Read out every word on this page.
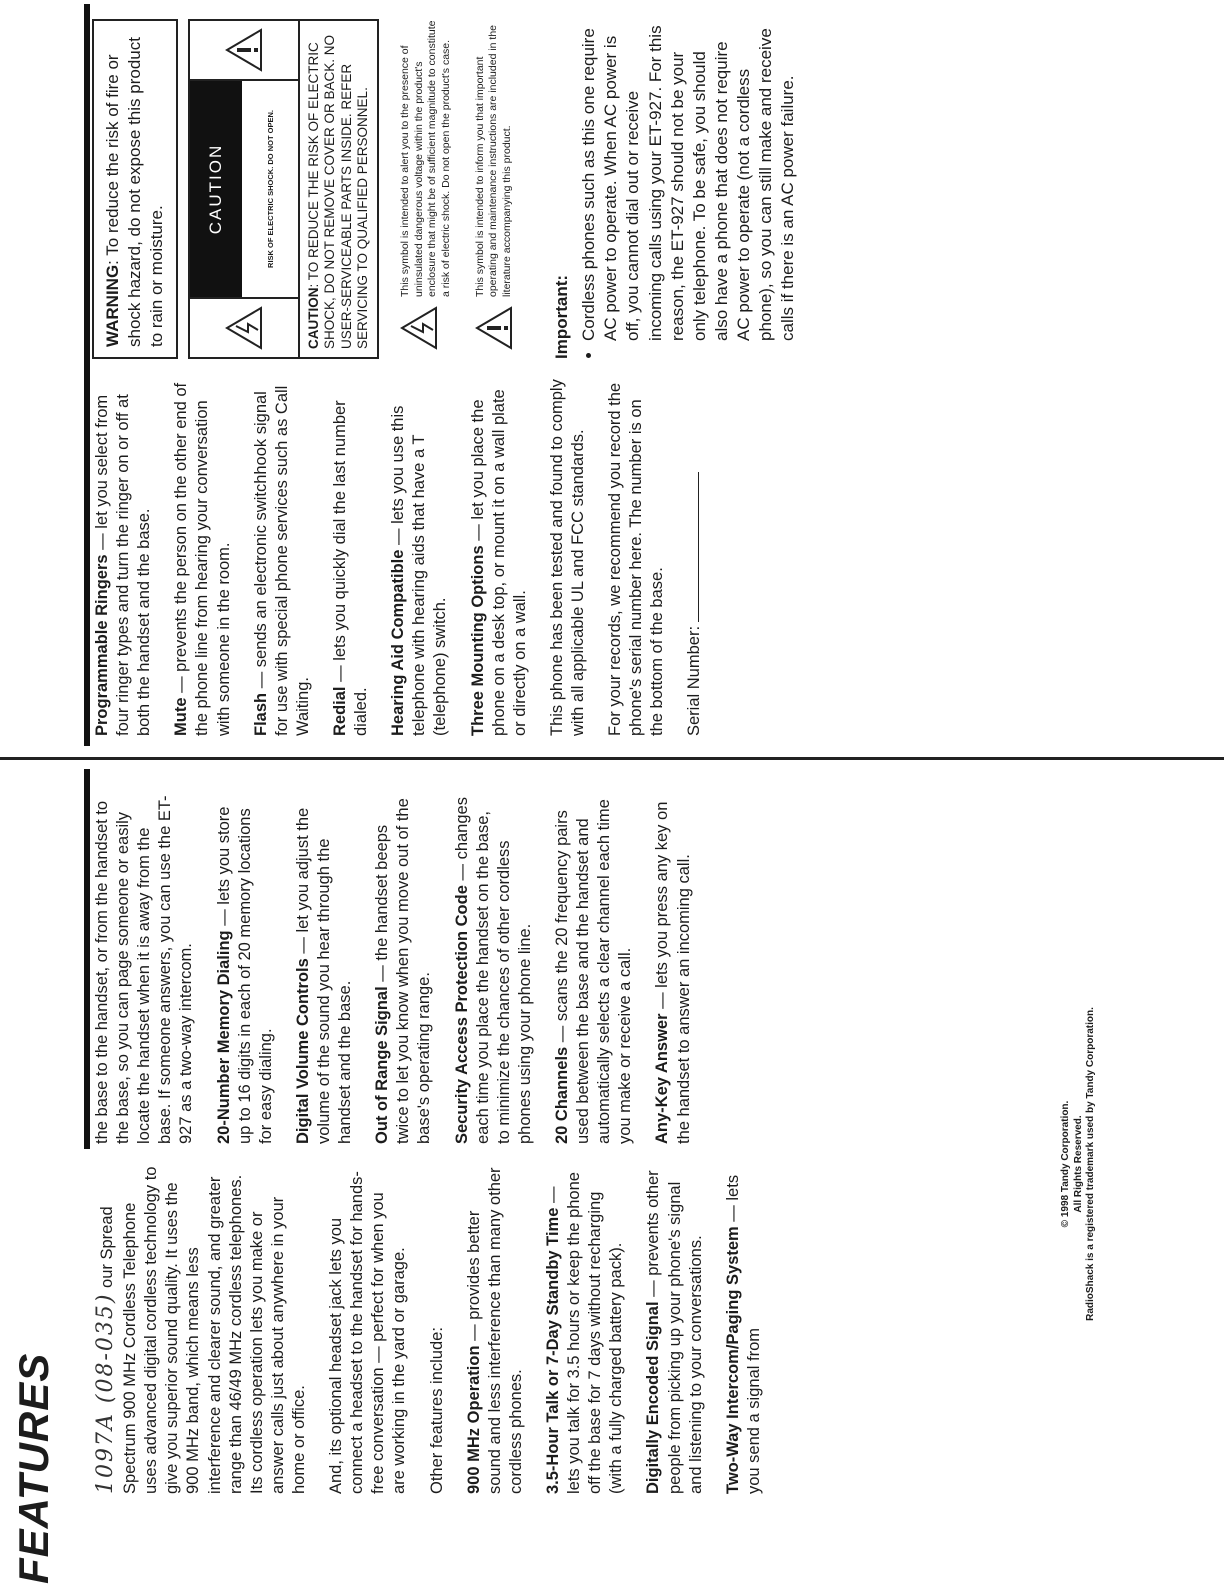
FEATURES 1097A (08-035) our Spread Spectrum 900 MHz Cordless Telephone uses advanced digital cordless technology to give you superior sound quality. It uses the 900 MHz band, which means less interference and clearer sound, and greater range than 46/49 MHz cordless telephones. Its cordless operation lets you make or answer calls just about anywhere in your home or office. And, its optional headset jack lets you connect a headset to the handset for hands-free conversation — perfect for when you are working in the yard or garage. Other features include: 900 MHz Operation — provides better sound and less interference than many other cordless phones. 3.5-Hour Talk or 7-Day Standby Time — lets you talk for 3.5 hours or keep the phone off the base for 7 days without recharging (with a fully charged battery pack). Digitally Encoded Signal — prevents other people from picking up your phone's signal and listening to your conversations. Two-Way Intercom/Paging System — lets you send a signal from

the base to the handset, or from the handset to the base, so you can page someone or easily locate the handset when it is away from the base. If someone answers, you can use the ET-927 as a two-way intercom. 20-Number Memory Dialing — lets you store up to 16 digits in each of 20 memory locations for easy dialing. Digital Volume Controls — let you adjust the volume of the sound you hear through the handset and the base. Out of Range Signal — the handset beeps twice to let you know when you move out of the base's operating range. Security Access Protection Code — changes each time you place the handset on the base, to minimize the chances of other cordless phones using your phone line. 20 Channels — scans the 20 frequency pairs used between the base and the handset and automatically selects a clear channel each time you make or receive a call. Any-Key Answer — lets you press any key on the handset to answer an incoming call.

© 1998 Tandy Corporation. All Rights Reserved. RadioShack is a registered trademark used by Tandy Corporation.

Programmable Ringers — let you select from four ringer types and turn the ringer on or off at both the handset and the base. Mute — prevents the person on the other end of the phone line from hearing your conversation with someone in the room. Flash — sends an electronic switchhook signal for use with special phone services such as Call Waiting. Redial — lets you quickly dial the last number dialed. Hearing Aid Compatible — lets you use this telephone with hearing aids that have a T (telephone) switch. Three Mounting Options — let you place the phone on a desk top, or mount it on a wall plate or directly on a wall. This phone has been tested and found to comply with all applicable UL and FCC standards. For your records, we recommend you record the phone's serial number here. The number is on the bottom of the base. Serial Number:
WARNING: To reduce the risk of fire or shock hazard, do not expose this product to rain or moisture.
CAUTION	RISK OF ELECTRIC SHOCK. DO NOT OPEN.
CAUTION: TO REDUCE THE RISK OF ELECTRIC SHOCK, DO NOT REMOVE COVER OR BACK. NO USER-SERVICEABLE PARTS INSIDE. REFER SERVICING TO QUALIFIED PERSONNEL.	This symbol is intended to alert you to the presence of uninsulated dangerous voltage within the product's enclosure that might be of sufficient magnitude to constitute a risk of electric shock. Do not open the product's case. This symbol is intended to inform you that important operating and maintenance instructions are included in the literature accompanying this product.
Important:
• Cordless phones such as this one require AC power to operate. When AC power is off, you cannot dial out or receive incoming calls using your ET-927. For this reason, the ET-927 should not be your only telephone. To be safe, you should also have a phone that does not require AC power to operate (not a cordless phone), so you can still make and receive calls if there is an AC power failure.
